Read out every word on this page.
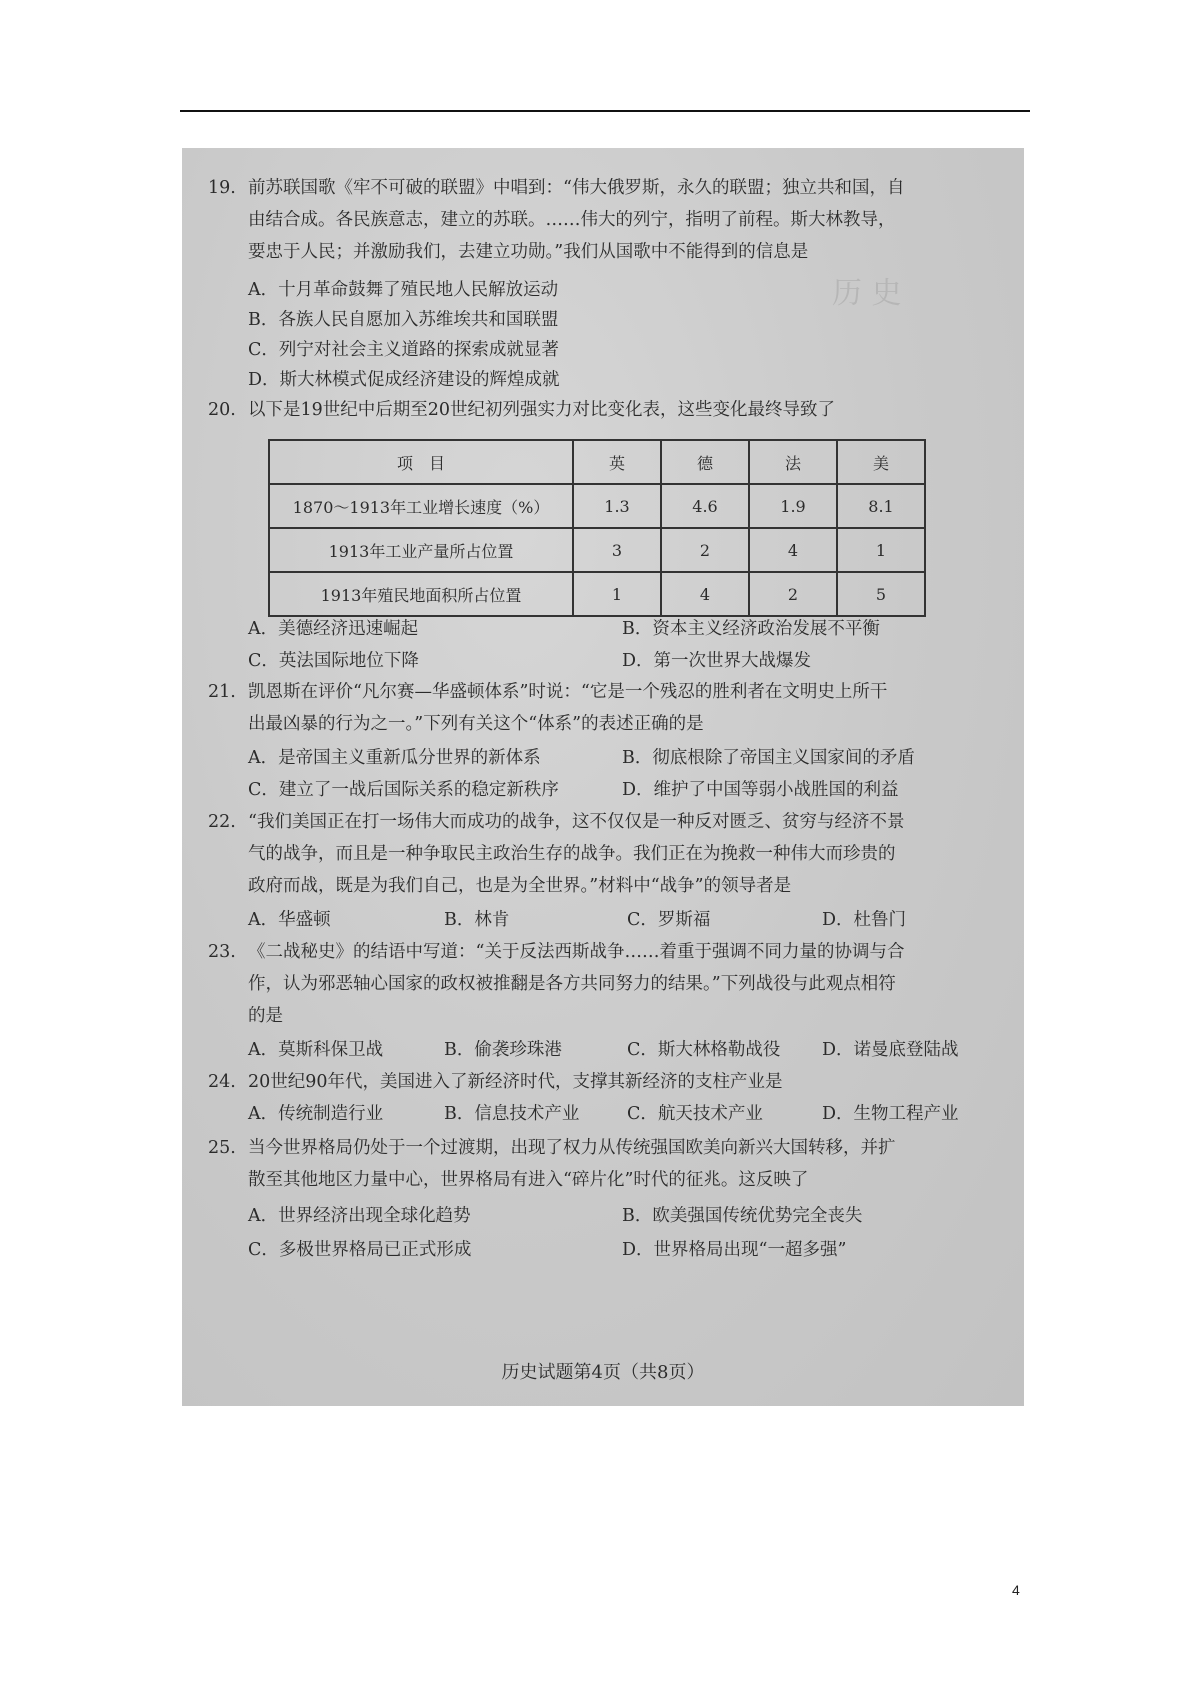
历 史
19. 前苏联国歌《牢不可破的联盟》中唱到：“伟大俄罗斯，永久的联盟；独立共和国，自
由结合成。各民族意志，建立的苏联。……伟大的列宁，指明了前程。斯大林教导，
要忠于人民；并激励我们，去建立功勋。”我们从国歌中不能得到的信息是
A．十月革命鼓舞了殖民地人民解放运动
B．各族人民自愿加入苏维埃共和国联盟
C．列宁对社会主义道路的探索成就显著
D．斯大林模式促成经济建设的辉煌成就
20. 以下是19世纪中后期至20世纪初列强实力对比变化表，这些变化最终导致了
项　目	英	德	法	美
1870～1913年工业增长速度（%）	1.3	4.6	1.9	8.1
1913年工业产量所占位置	3	2	4	1
1913年殖民地面积所占位置	1	4	2	5
A．美德经济迅速崛起	B．资本主义经济政治发展不平衡
C．英法国际地位下降	D．第一次世界大战爆发
21. 凯恩斯在评价“凡尔赛—华盛顿体系”时说：“它是一个残忍的胜利者在文明史上所干
出最凶暴的行为之一。”下列有关这个“体系”的表述正确的是
A．是帝国主义重新瓜分世界的新体系	B．彻底根除了帝国主义国家间的矛盾
C．建立了一战后国际关系的稳定新秩序	D．维护了中国等弱小战胜国的利益
22. “我们美国正在打一场伟大而成功的战争，这不仅仅是一种反对匮乏、贫穷与经济不景
气的战争，而且是一种争取民主政治生存的战争。我们正在为挽救一种伟大而珍贵的
政府而战，既是为我们自己，也是为全世界。”材料中“战争”的领导者是
A．华盛顿	B．林肯	C．罗斯福	D．杜鲁门
23. 《二战秘史》的结语中写道：“关于反法西斯战争……着重于强调不同力量的协调与合
作，认为邪恶轴心国家的政权被推翻是各方共同努力的结果。”下列战役与此观点相符
的是
A．莫斯科保卫战	B．偷袭珍珠港	C．斯大林格勒战役 D．诺曼底登陆战
24. 20世纪90年代，美国进入了新经济时代，支撑其新经济的支柱产业是
A．传统制造行业	B．信息技术产业	C．航天技术产业	D．生物工程产业
25. 当今世界格局仍处于一个过渡期，出现了权力从传统强国欧美向新兴大国转移，并扩
散至其他地区力量中心，世界格局有进入“碎片化”时代的征兆。这反映了
A．世界经济出现全球化趋势	B．欧美强国传统优势完全丧失
C．多极世界格局已正式形成	D．世界格局出现“一超多强”
历史试题第4页（共8页）
4
